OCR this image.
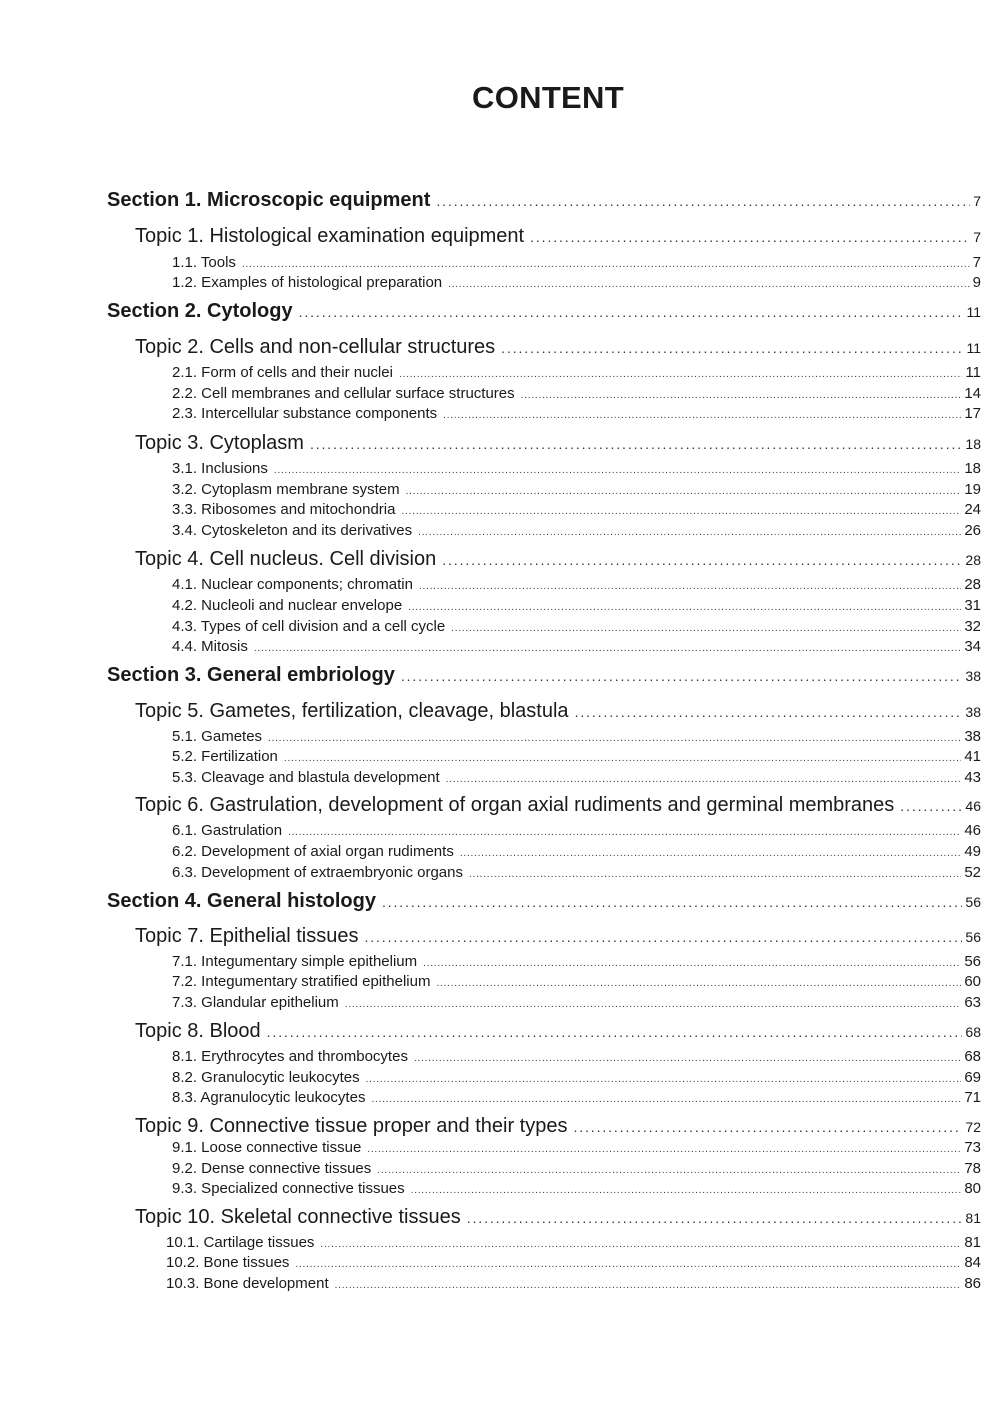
CONTENT
Section 1. Microscopic equipment . . .	7
Topic 1. Histological examination equipment . . .	7
1.1. Tools . . .	7
1.2. Examples of histological preparation . . .	9
Section 2. Cytology . . .	11
Topic 2. Cells and non-cellular structures . . .	11
2.1. Form of cells and their nuclei . . .	11
2.2. Cell membranes and cellular surface structures . . .	14
2.3. Intercellular substance components . . .	17
Topic 3. Cytoplasm . . .	18
3.1. Inclusions . . .	18
3.2. Cytoplasm membrane system . . .	19
3.3. Ribosomes and mitochondria . . .	24
3.4. Cytoskeleton and its derivatives . . .	26
Topic 4. Cell nucleus. Cell division . . .	28
4.1. Nuclear components; chromatin . . .	28
4.2. Nucleoli and nuclear envelope . . .	31
4.3. Types of cell division and a cell cycle . . .	32
4.4. Mitosis . . .	34
Section 3. General embriology . . .	38
Topic 5. Gametes, fertilization, cleavage, blastula . . .	38
5.1. Gametes . . .	38
5.2. Fertilization . . .	41
5.3. Cleavage and blastula development . . .	43
Topic 6. Gastrulation, development of organ axial rudiments and germinal membranes . . .	46
6.1. Gastrulation . . .	46
6.2. Development of axial organ rudiments . . .	49
6.3. Development of extraembryonic organs . . .	52
Section 4. General histology . . .	56
Topic 7. Epithelial tissues . . .	56
7.1. Integumentary simple epithelium . . .	56
7.2. Integumentary stratified epithelium . . .	60
7.3. Glandular epithelium . . .	63
Topic 8. Blood . . .	68
8.1. Erythrocytes and thrombocytes . . .	68
8.2. Granulocytic leukocytes . . .	69
8.3. Agranulocytic leukocytes . . .	71
Topic 9. Connective tissue proper and their types . . .	72
9.1. Loose connective tissue . . .	73
9.2. Dense connective tissues . . .	78
9.3. Specialized connective tissues . . .	80
Topic 10. Skeletal connective tissues . . .	81
10.1. Cartilage tissues . . .	81
10.2. Bone tissues . . .	84
10.3. Bone development . . .	86
